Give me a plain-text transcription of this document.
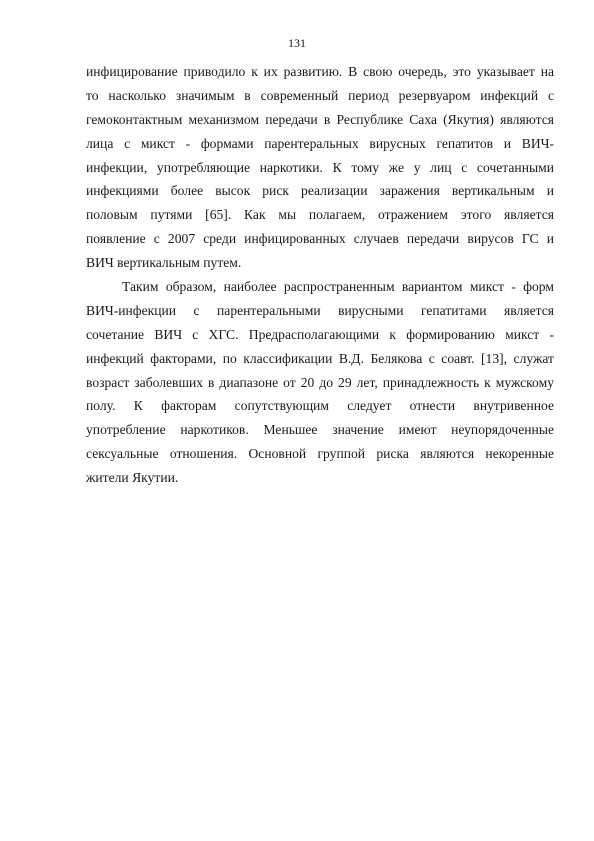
131
инфицирование приводило к их развитию. В свою очередь, это указывает на
то насколько значимым в современный период резервуаром инфекций с
гемоконтактным механизмом передачи в Республике Саха (Якутия) являются
лица с микст - формами парентеральных вирусных гепатитов и ВИЧ-
инфекции, употребляющие наркотики. К тому же у лиц с сочетанными
инфекциями более высок риск реализации заражения вертикальным и
половым путями [65]. Как мы полагаем, отражением этого является
появление с 2007 среди инфицированных случаев передачи вирусов ГС и
ВИЧ вертикальным путем.
Таким образом, наиболее распространенным вариантом микст - форм
ВИЧ-инфекции с парентеральными вирусными гепатитами является
сочетание ВИЧ с ХГС. Предрасполагающими к формированию микст -
инфекций факторами, по классификации В.Д. Белякова с соавт. [13], служат
возраст заболевших в диапазоне от 20 до 29 лет, принадлежность к мужскому
полу. К факторам сопутствующим следует отнести внутривенное
употребление наркотиков. Меньшее значение имеют неупорядоченные
сексуальные отношения. Основной группой риска являются некоренные
жители Якутии.
